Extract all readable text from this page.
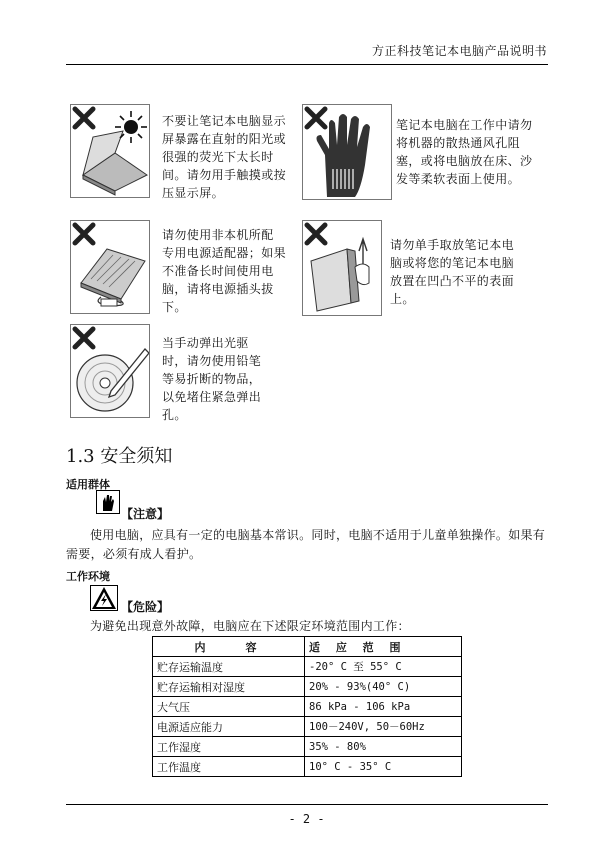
方正科技笔记本电脑产品说明书
不要让笔记本电脑显示
屏暴露在直射的阳光或
很强的荧光下太长时
间。请勿用手触摸或按
压显示屏。
笔记本电脑在工作中请勿
将机器的散热通风孔阻
塞，或将电脑放在床、沙
发等柔软表面上使用。
请勿使用非本机所配
专用电源适配器；如果
不准备长时间使用电
脑，请将电源插头拔
下。
请勿单手取放笔记本电
脑或将您的笔记本电脑
放置在凹凸不平的表面
上。
当手动弹出光驱
时，请勿使用铅笔
等易折断的物品，
以免堵住紧急弹出
孔。
1.3 安全须知
适用群体
【注意】
使用电脑，应具有一定的电脑基本常识。同时，电脑不适用于儿童单独操作。如果有
需要，必须有成人看护。
工作环境
【危险】
为避免出现意外故障，电脑应在下述限定环境范围内工作：
内　　容	适 应 范 围
贮存运输温度	-20° C 至 55° C
贮存运输相对湿度	20% - 93%(40° C)
大气压	86 kPa - 106 kPa
电源适应能力	100－240V, 50－60Hz
工作湿度	35% - 80%
工作温度	10° C - 35° C
- 2 -
